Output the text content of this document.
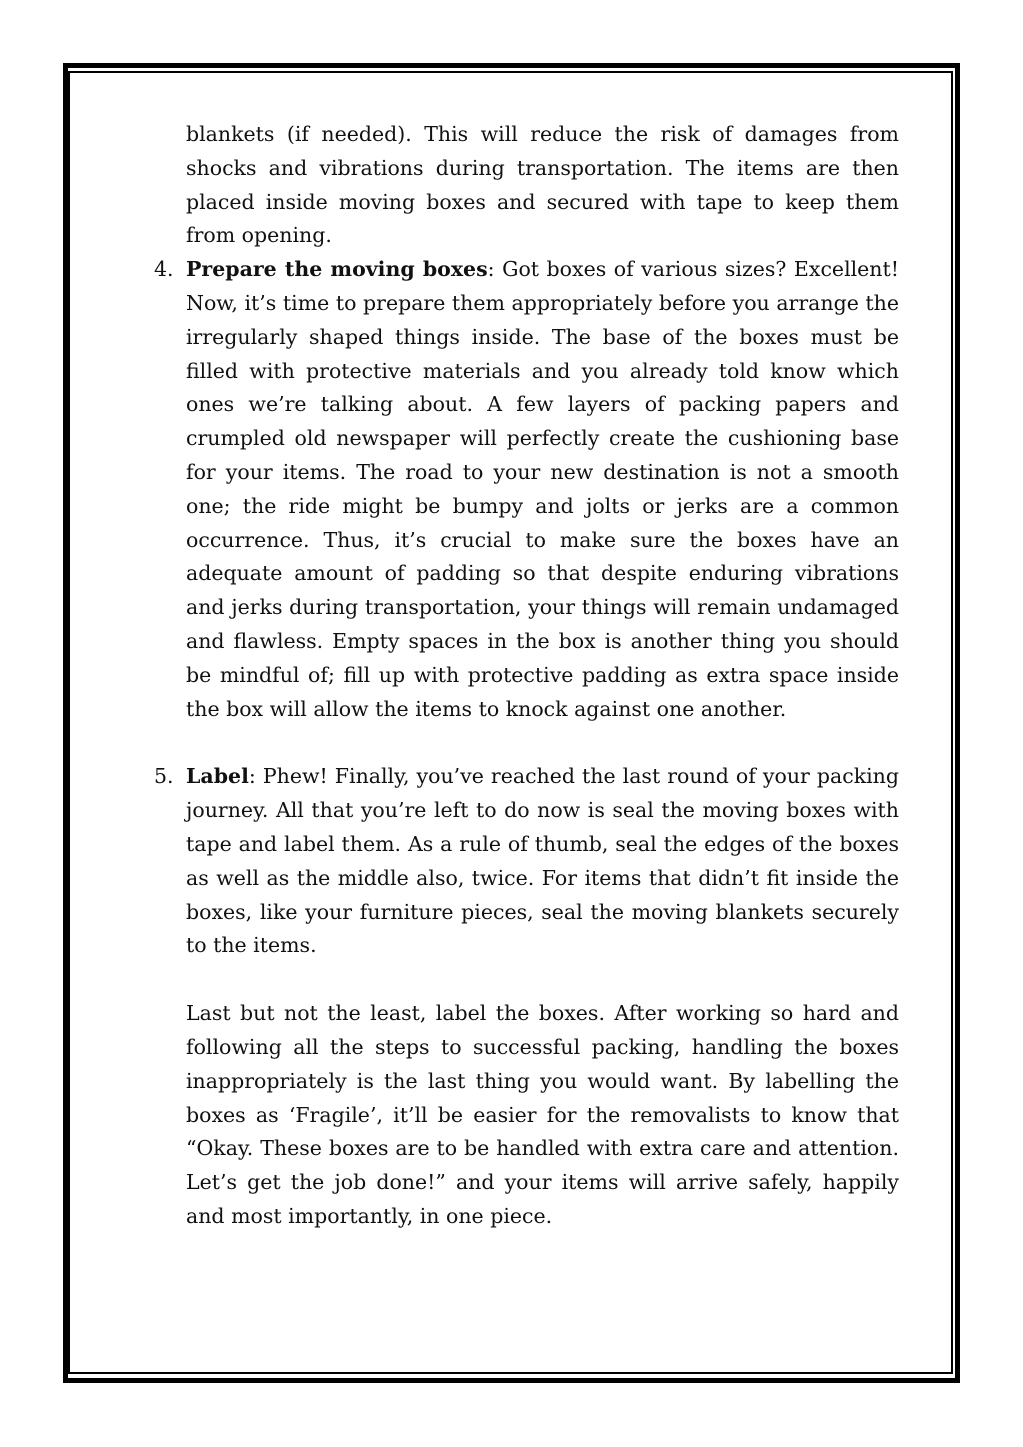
blankets (if needed). This will reduce the risk of damages from shocks and vibrations during transportation. The items are then placed inside moving boxes and secured with tape to keep them from opening.

4. Prepare the moving boxes: Got boxes of various sizes? Excellent! Now, it’s time to prepare them appropriately before you arrange the irregularly shaped things inside. The base of the boxes must be filled with protective materials and you already told know which ones we’re talking about. A few layers of packing papers and crumpled old newspaper will perfectly create the cushioning base for your items. The road to your new destination is not a smooth one; the ride might be bumpy and jolts or jerks are a common occurrence. Thus, it’s crucial to make sure the boxes have an adequate amount of padding so that despite enduring vibrations and jerks during transportation, your things will remain undamaged and flawless. Empty spaces in the box is another thing you should be mindful of; fill up with protective padding as extra space inside the box will allow the items to knock against one another.

5. Label: Phew! Finally, you’ve reached the last round of your packing journey. All that you’re left to do now is seal the moving boxes with tape and label them. As a rule of thumb, seal the edges of the boxes as well as the middle also, twice. For items that didn’t fit inside the boxes, like your furniture pieces, seal the moving blankets securely to the items.

Last but not the least, label the boxes. After working so hard and following all the steps to successful packing, handling the boxes inappropriately is the last thing you would want. By labelling the boxes as ‘Fragile’, it’ll be easier for the removalists to know that “Okay. These boxes are to be handled with extra care and attention. Let’s get the job done!” and your items will arrive safely, happily and most importantly, in one piece.
